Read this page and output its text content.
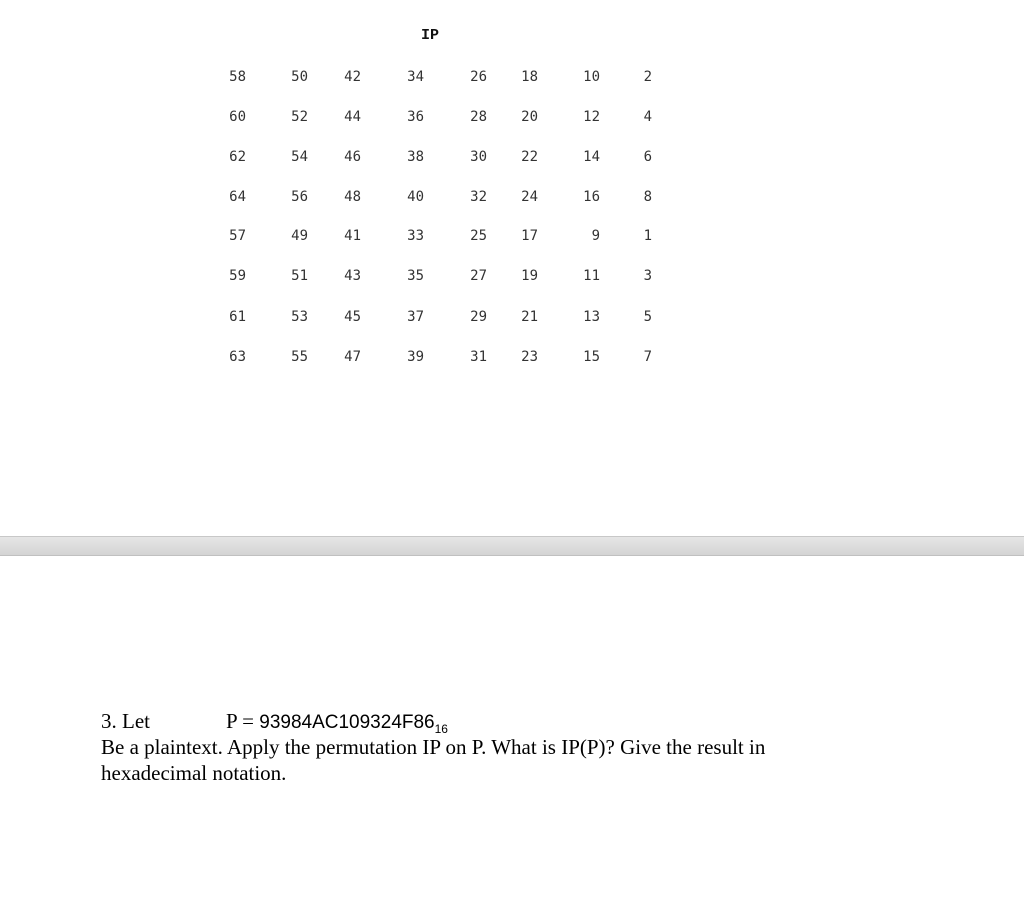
IP
58	50	42	34	26	18	10	2
60	52	44	36	28	20	12	4
62	54	46	38	30	22	14	6
64	56	48	40	32	24	16	8
57	49	41	33	25	17	9	1
59	51	43	35	27	19	11	3
61	53	45	37	29	21	13	5
63	55	47	39	31	23	15	7
3. Let	$P = 93984AC109324F86_{16}$
Be a plaintext. Apply the permutation IP on P. What is IP(P)? Give the result in
hexadecimal notation.
